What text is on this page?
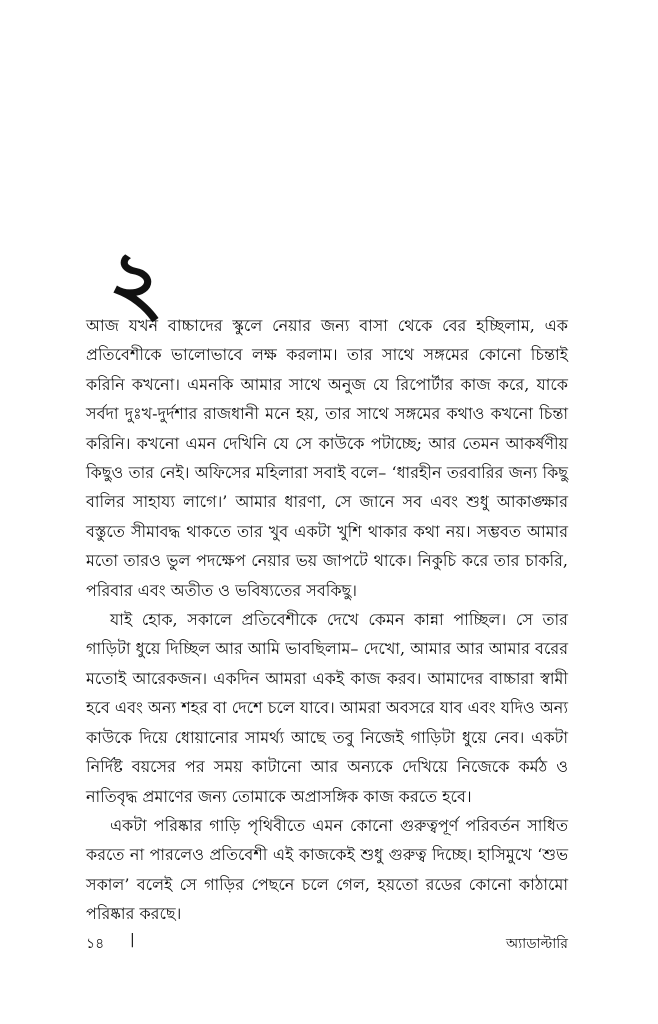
২

আজ যখন বাচ্চাদের স্কুলে নেয়ার জন্য বাসা থেকে বের হচ্ছিলাম, এক প্রতিবেশীকে ভালোভাবে লক্ষ করলাম। তার সাথে সঙ্গমের কোনো চিন্তাই করিনি কখনো। এমনকি আমার সাথে অনুজ যে রিপোর্টার কাজ করে, যাকে সর্বদা দুঃখ-দুর্দশার রাজধানী মনে হয়, তার সাথে সঙ্গমের কথাও কখনো চিন্তা করিনি। কখনো এমন দেখিনি যে সে কাউকে পটাচ্ছে; আর তেমন আকর্ষণীয় কিছুও তার নেই। অফিসের মহিলারা সবাই বলে– ‘ধারহীন তরবারির জন্য কিছু বালির সাহায্য লাগে।’ আমার ধারণা, সে জানে সব এবং শুধু আকাঙ্ক্ষার বস্তুতে সীমাবদ্ধ থাকতে তার খুব একটা খুশি থাকার কথা নয়। সম্ভবত আমার মতো তারও ভুল পদক্ষেপ নেয়ার ভয় জাপটে থাকে। নিকুচি করে তার চাকরি, পরিবার এবং অতীত ও ভবিষ্যতের সবকিছু।

যাই হোক, সকালে প্রতিবেশীকে দেখে কেমন কান্না পাচ্ছিল। সে তার গাড়িটা ধুয়ে দিচ্ছিল আর আমি ভাবছিলাম– দেখো, আমার আর আমার বরের মতোই আরেকজন। একদিন আমরা একই কাজ করব। আমাদের বাচ্চারা স্বামী হবে এবং অন্য শহর বা দেশে চলে যাবে। আমরা অবসরে যাব এবং যদিও অন্য কাউকে দিয়ে ধোয়ানোর সামর্থ্য আছে তবু নিজেই গাড়িটা ধুয়ে নেব। একটা নির্দিষ্ট বয়সের পর সময় কাটানো আর অন্যকে দেখিয়ে নিজেকে কর্মঠ ও নাতিবৃদ্ধ প্রমাণের জন্য তোমাকে অপ্রাসঙ্গিক কাজ করতে হবে।

একটা পরিষ্কার গাড়ি পৃথিবীতে এমন কোনো গুরুত্বপূর্ণ পরিবর্তন সাধিত করতে না পারলেও প্রতিবেশী এই কাজকেই শুধু গুরুত্ব দিচ্ছে। হাসিমুখে ‘শুভ সকাল’ বলেই সে গাড়ির পেছনে চলে গেল, হয়তো রডের কোনো কাঠামো পরিষ্কার করছে।

১৪ |	অ্যাডাল্টারি
